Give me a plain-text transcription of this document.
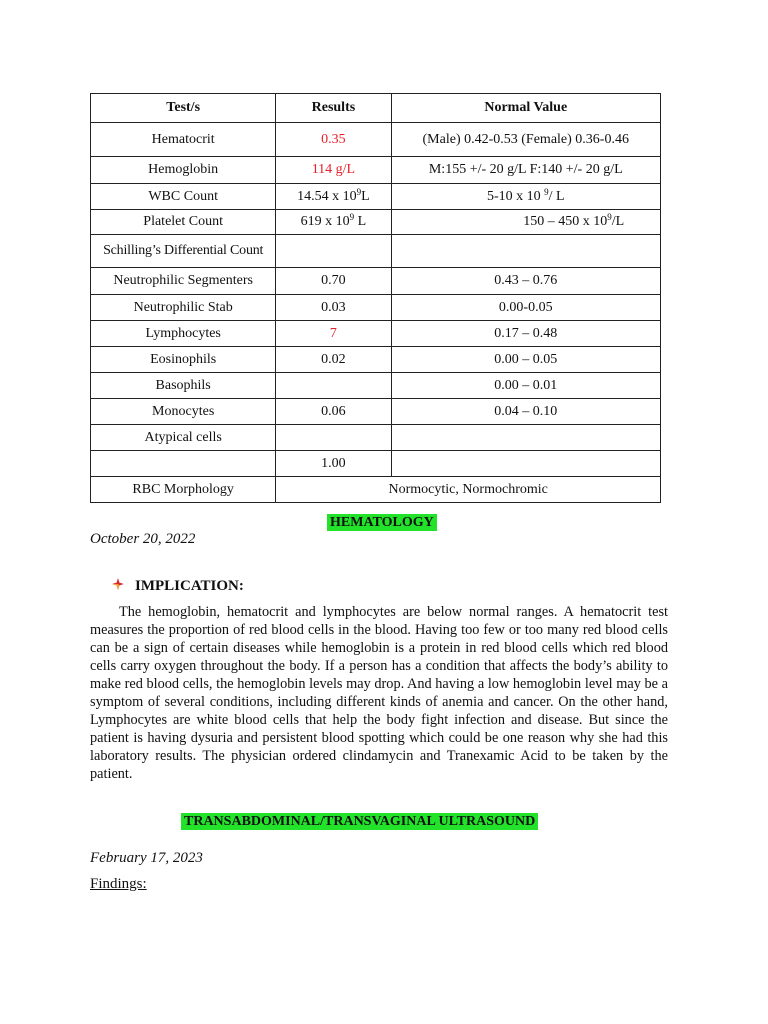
Test/s	Results	Normal Value
Hematocrit	0.35	(Male) 0.42-0.53 (Female) 0.36-0.46
Hemoglobin	114 g/L	M:155 +/- 20 g/L F:140 +/- 20 g/L
WBC Count	14.54 x $10^9L$	5-10 x 10 $^9$/ L
Platelet Count	619 x $10^9$ L	150 – 450 x $10^9/L$
Schilling’s Differential Count		
Neutrophilic Segmenters	0.70	0.43 – 0.76
Neutrophilic Stab	0.03	0.00-0.05
Lymphocytes	7	0.17 – 0.48
Eosinophils	0.02	0.00 – 0.05
Basophils		0.00 – 0.01
Monocytes	0.06	0.04 – 0.10
Atypical cells		
	1.00	
RBC Morphology	Normocytic, Normochromic	
HEMATOLOGY
October 20, 2022
IMPLICATION:

The hemoglobin, hematocrit and lymphocytes are below normal ranges. A hematocrit test measures the proportion of red blood cells in the blood. Having too few or too many red blood cells can be a sign of certain diseases while hemoglobin is a protein in red blood cells which red blood cells carry oxygen throughout the body. If a person has a condition that affects the body’s ability to make red blood cells, the hemoglobin levels may drop. And having a low hemoglobin level may be a symptom of several conditions, including different kinds of anemia and cancer. On the other hand, Lymphocytes are white blood cells that help the body fight infection and disease. But since the patient is having dysuria and persistent blood spotting which could be one reason why she had this laboratory results. The physician ordered clindamycin and Tranexamic Acid to be taken by the patient.

TRANSABDOMINAL/TRANSVAGINAL ULTRASOUND
February 17, 2023
Findings:
